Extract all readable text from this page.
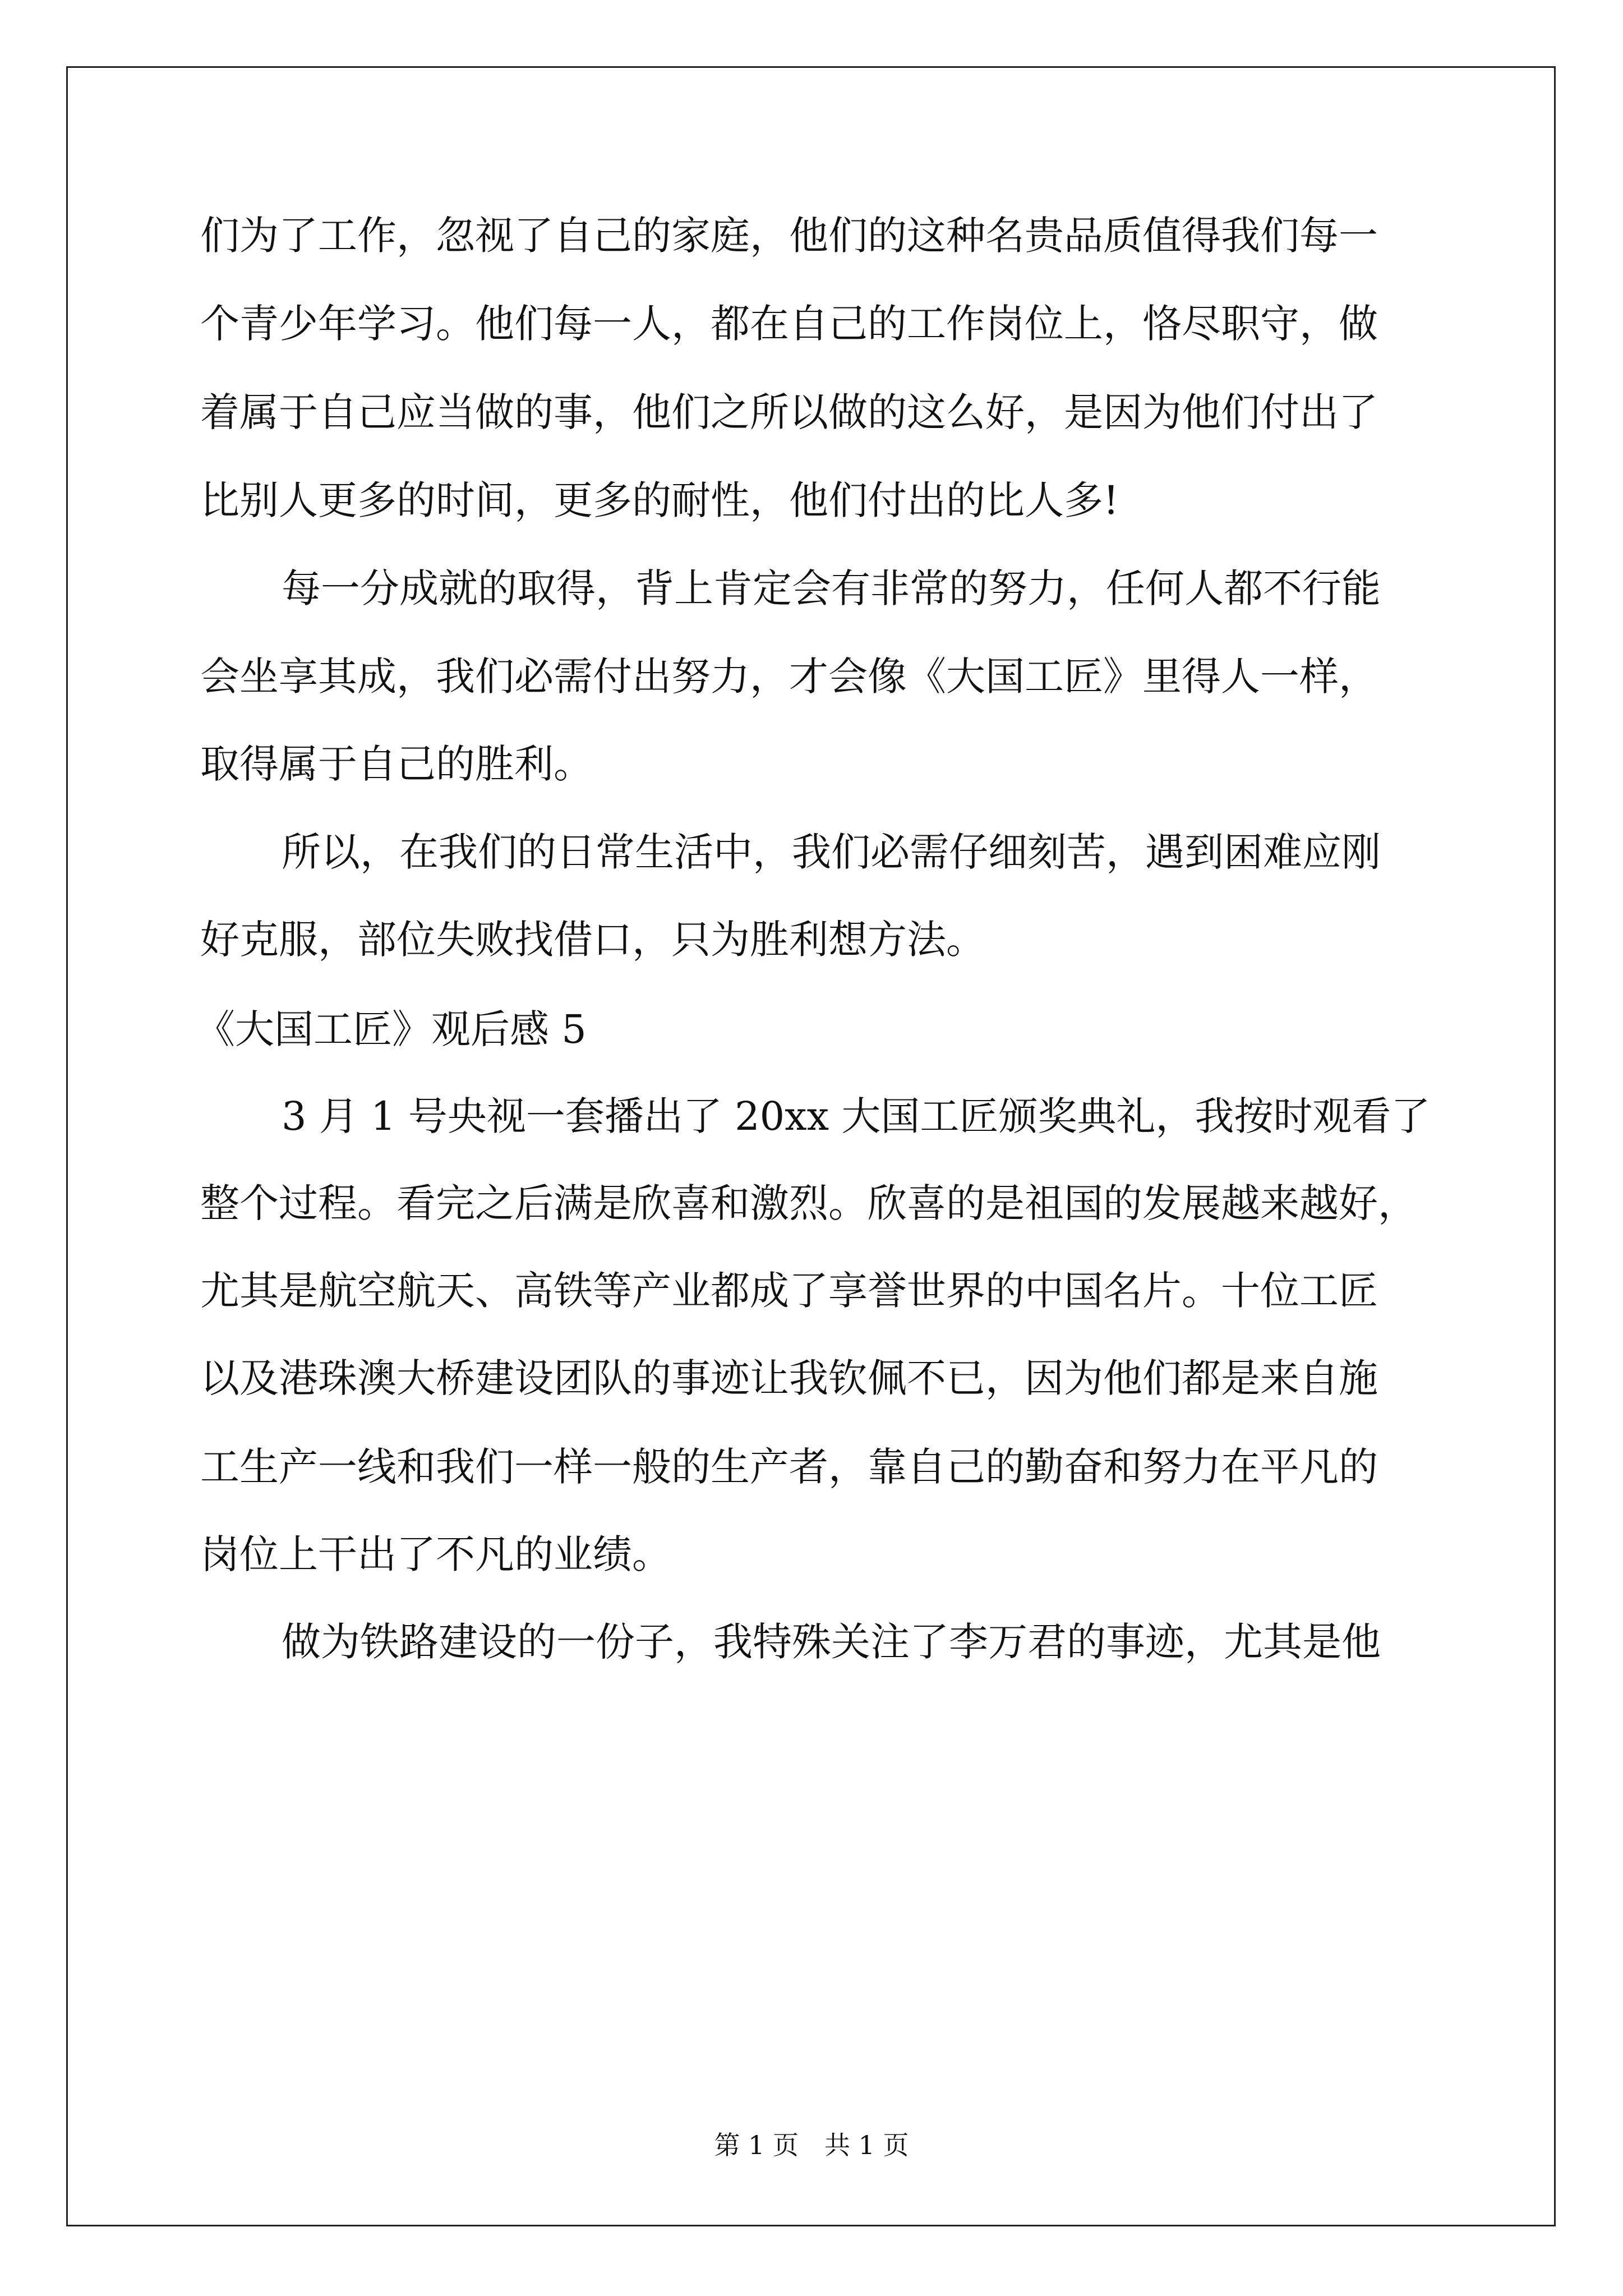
们为了工作，忽视了自己的家庭，他们的这种名贵品质值得我们每一
个青少年学习。他们每一人，都在自己的工作岗位上，恪尽职守，做
着属于自己应当做的事，他们之所以做的这么好，是因为他们付出了
比别人更多的时间，更多的耐性，他们付出的比人多!
每一分成就的取得，背上肯定会有非常的努力，任何人都不行能
会坐享其成，我们必需付出努力，才会像《大国工匠》里得人一样，
取得属于自己的胜利。
所以，在我们的日常生活中，我们必需仔细刻苦，遇到困难应刚
好克服，部位失败找借口，只为胜利想方法。
《大国工匠》观后感 5
3 月 1 号央视一套播出了 20xx 大国工匠颁奖典礼，我按时观看了
整个过程。看完之后满是欣喜和激烈。欣喜的是祖国的发展越来越好，
尤其是航空航天、高铁等产业都成了享誉世界的中国名片。十位工匠
以及港珠澳大桥建设团队的事迹让我钦佩不已，因为他们都是来自施
工生产一线和我们一样一般的生产者，靠自己的勤奋和努力在平凡的
岗位上干出了不凡的业绩。
做为铁路建设的一份子，我特殊关注了李万君的事迹，尤其是他
第 1 页　共 1 页
